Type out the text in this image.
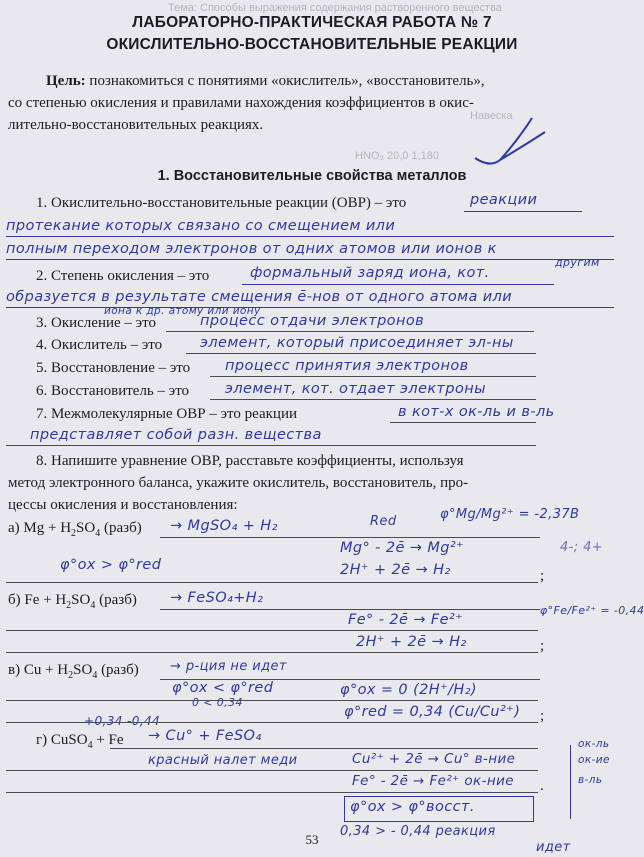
Тема: Способы выражения содержания растворенного вещества
Навеска
HNO₃ 20,0 1,180
ЛАБОРАТОРНО-ПРАКТИЧЕСКАЯ РАБОТА № 7
ОКИСЛИТЕЛЬНО-ВОССТАНОВИТЕЛЬНЫЕ РЕАКЦИИ
Цель: познакомиться с понятиями «окислитель», «восстановитель»,
со степенью окисления и правилами нахождения коэффициентов в окис-
лительно-восстановительных реакциях.
1. Восстановительные свойства металлов
1. Окислительно-восстановительные реакции (ОВР) – это	реакции
протекание которых связано со смещением или
полным переходом электронов от одних атомов или ионов к
другим
2. Степень окисления – это	формальный заряд иона, кот.
образуется в результате смещения ē-нов от одного атома или
иона к др. атому или иону
3. Окисление – это	процесс отдачи электронов
4. Окислитель – это	элемент, который присоединяет эл-ны
5. Восстановление – это процесс принятия электронов
6. Восстановитель – это элемент, кот. отдает электроны
7. Межмолекулярные ОВР – это реакции	в кот-х ок-ль и в-ль
представляет собой разн. вещества
8. Напишите уравнение ОВР, расставьте коэффициенты, используя
метод электронного баланса, укажите окислитель, восстановитель, про-
цессы окисления и восстановления:
а) $Mg + H_2SO_4$ (разб) → MgSO₄ + H₂	Red	φ°Mg/Mg²⁺ = -2,37В
Mg° - 2ē → Mg²⁺
φ°ox > φ°red	2H⁺ + 2ē → H₂
4-; 4+
;
б) $Fe + H_2SO_4$ (разб) → FeSO₄+H₂
φ°Fe/Fe²⁺ = -0,44
Fe° - 2ē → Fe²⁺
2H⁺ + 2ē → H₂	;
в) $Cu + H_2SO_4$ (разб) → р-ция не идет
φ°ox < φ°red
0 < 0,34
φ°ox = 0 (2H⁺/H₂)
φ°red = 0,34 (Cu/Cu²⁺)
+0,34 -0,44	;
г) CuSO$_4$ + Fe → Cu° + FeSO₄
красный налет меди	Cu²⁺ + 2ē → Cu° в-ние
Fe° - 2ē → Fe²⁺ ок-ние .
ок-ль
ок-ие
в-ль
φ°ox > φ°восст.
0,34 > - 0,44 реакция
идет
53
